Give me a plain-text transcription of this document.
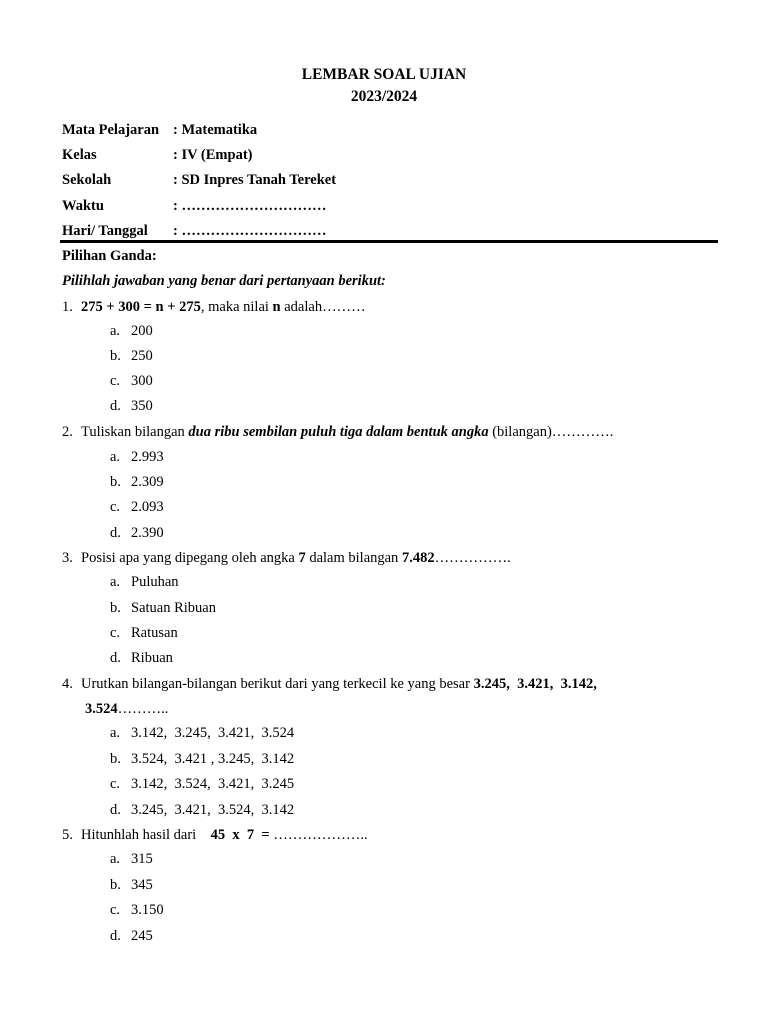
LEMBAR SOAL UJIAN
2023/2024
Mata Pelajaran : Matematika
Kelas	: IV (Empat)
Sekolah	: SD Inpres Tanah Tereket
Waktu	: …………………………
Hari/ Tanggal	: …………………………
Pilihan Ganda:
Pilihlah jawaban yang benar dari pertanyaan berikut:
1. 275 + 300 = n + 275, maka nilai n adalah………
a. 200
b. 250
c. 300
d. 350
2. Tuliskan bilangan dua ribu sembilan puluh tiga dalam bentuk angka (bilangan)………….
a. 2.993
b. 2.309
c. 2.093
d. 2.390
3. Posisi apa yang dipegang oleh angka 7 dalam bilangan 7.482…………….
a. Puluhan
b. Satuan Ribuan
c. Ratusan
d. Ribuan
4. Urutkan bilangan-bilangan berikut dari yang terkecil ke yang besar 3.245,  3.421,  3.142,
3.524………..
a. 3.142,  3.245,  3.421,  3.524
b. 3.524,  3.421 , 3.245,  3.142
c. 3.142,  3.524,  3.421,  3.245
d. 3.245,  3.421,  3.524,  3.142
5. Hitunhlah hasil dari    45  x  7  = ………………..
a. 315
b. 345
c. 3.150
d. 245
